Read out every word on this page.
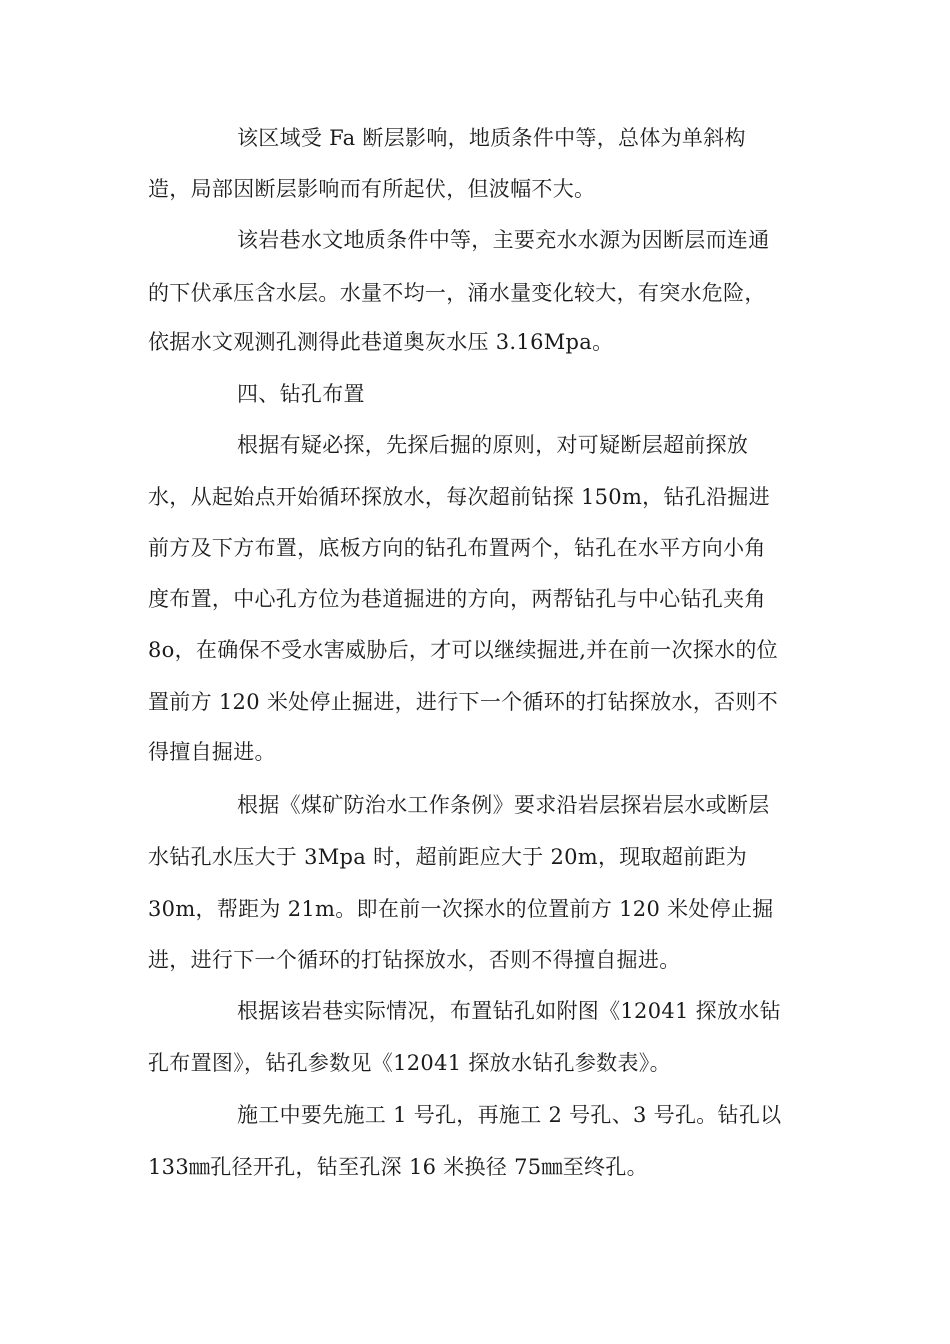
该区域受 Fa 断层影响，地质条件中等，总体为单斜构
造，局部因断层影响而有所起伏，但波幅不大。
该岩巷水文地质条件中等，主要充水水源为因断层而连通
的下伏承压含水层。水量不均一，涌水量变化较大，有突水危险，
依据水文观测孔测得此巷道奥灰水压 3.16Mpa。
四、钻孔布置
根据有疑必探，先探后掘的原则，对可疑断层超前探放
水，从起始点开始循环探放水，每次超前钻探 150m，钻孔沿掘进
前方及下方布置，底板方向的钻孔布置两个，钻孔在水平方向小角
度布置，中心孔方位为巷道掘进的方向，两帮钻孔与中心钻孔夹角
8o，在确保不受水害威胁后，才可以继续掘进,并在前一次探水的位
置前方 120 米处停止掘进，进行下一个循环的打钻探放水，否则不
得擅自掘进。
根据《煤矿防治水工作条例》要求沿岩层探岩层水或断层
水钻孔水压大于 3Mpa 时，超前距应大于 20m，现取超前距为
30m，帮距为 21m。即在前一次探水的位置前方 120 米处停止掘
进，进行下一个循环的打钻探放水，否则不得擅自掘进。
根据该岩巷实际情况，布置钻孔如附图《12041 探放水钻
孔布置图》，钻孔参数见《12041 探放水钻孔参数表》。
施工中要先施工 1 号孔，再施工 2 号孔、3 号孔。钻孔以
133㎜孔径开孔，钻至孔深 16 米换径 75㎜至终孔。
